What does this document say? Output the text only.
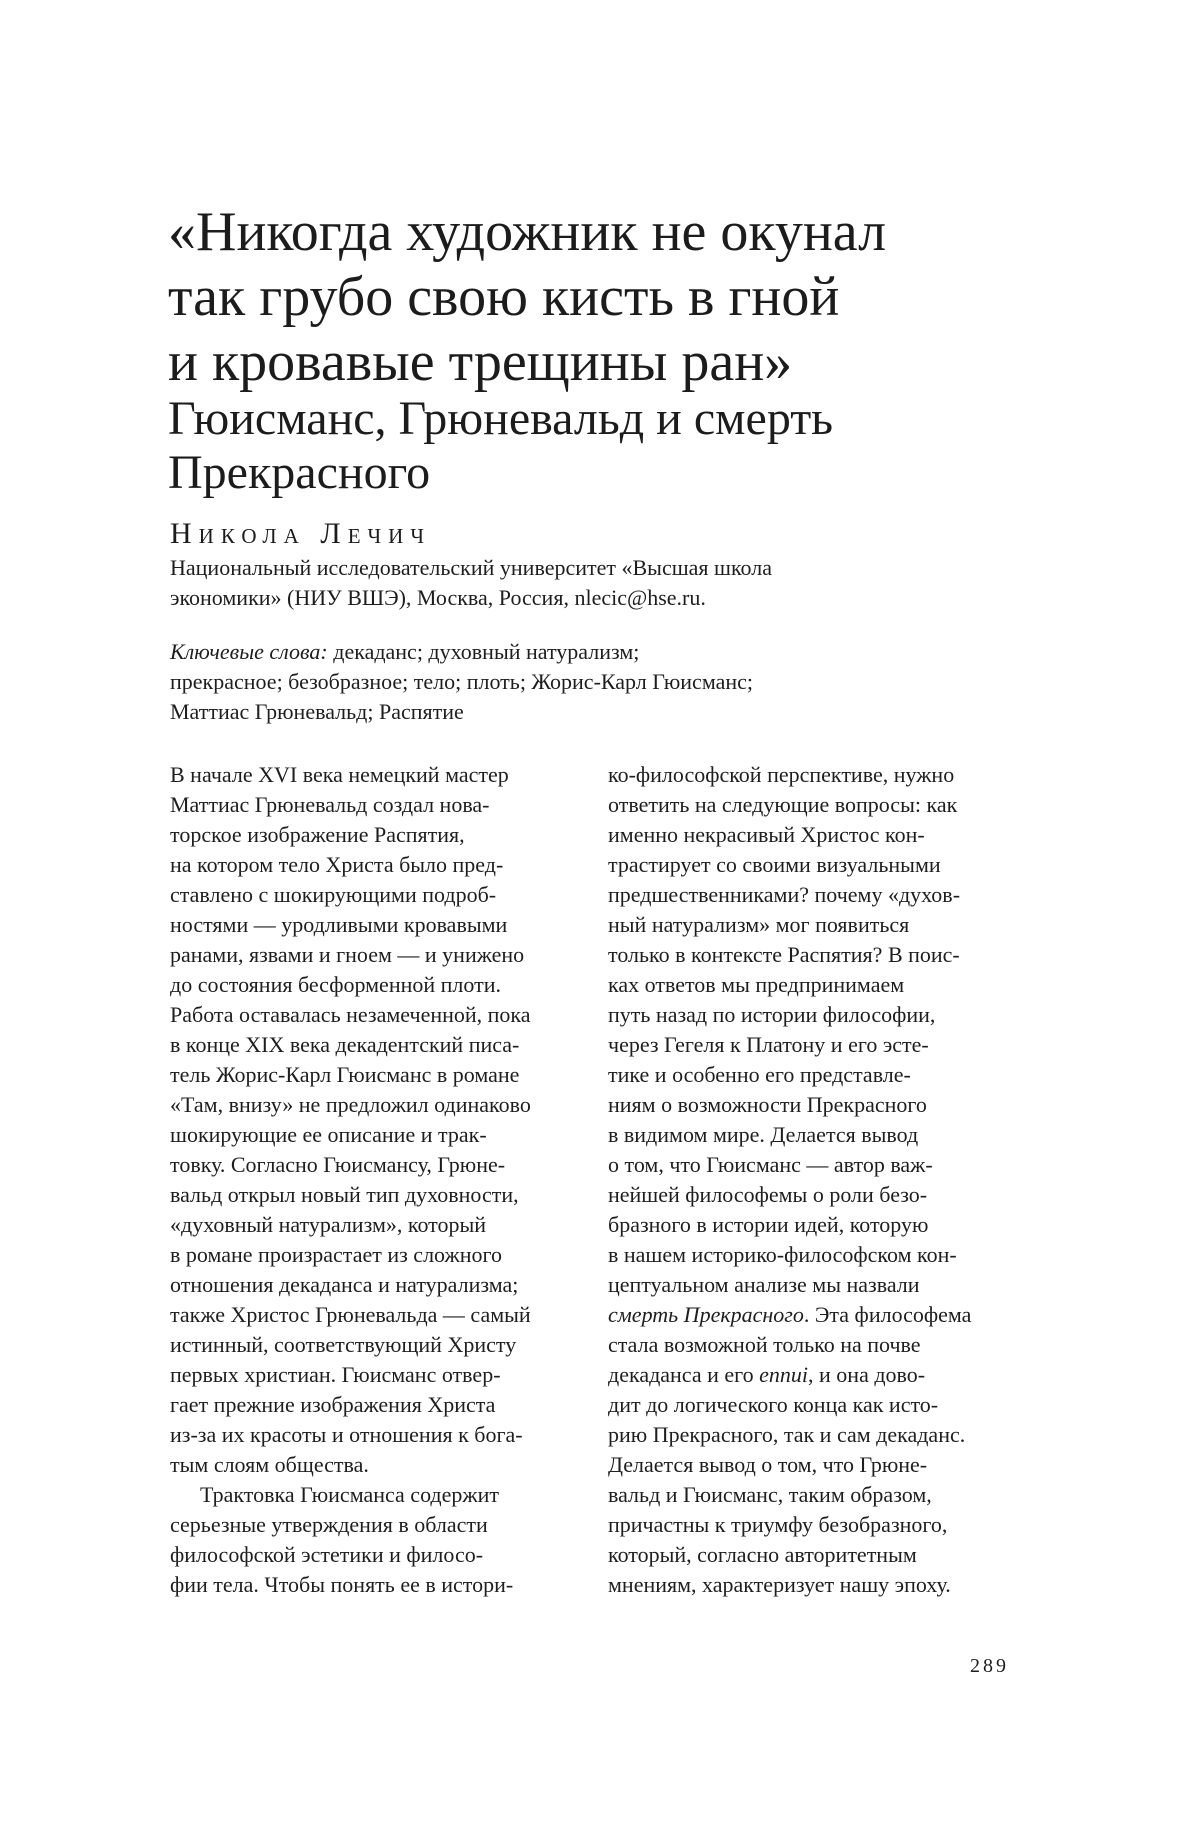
«Никогда художник не окунал
так грубо свою кисть в гной
и кровавые трещины ран»
Гюисманс, Грюневальд и смерть
Прекрасного
Никола Лечич
Национальный исследовательский университет «Высшая школа
экономики» (НИУ ВШЭ), Москва, Россия, nlecic@hse.ru.
Ключевые слова: декаданс; духовный натурализм;
прекрасное; безобразное; тело; плоть; Жорис-Карл Гюисманс;
Маттиас Грюневальд; Распятие
В начале XVI века немецкий мастер
Маттиас Грюневальд создал нова-
торское изображение Распятия,
на котором тело Христа было пред-
ставлено с шокирующими подроб-
ностями — уродливыми кровавыми
ранами, язвами и гноем — и унижено
до состояния бесформенной плоти.
Работа оставалась незамеченной, пока
в конце XIX века декадентский писа-
тель Жорис-Карл Гюисманс в романе
«Там, внизу» не предложил одинаково
шокирующие ее описание и трак-
товку. Согласно Гюисмансу, Грюне-
вальд открыл новый тип духовности,
«духовный натурализм», который
в романе произрастает из сложного
отношения декаданса и натурализма;
также Христос Грюневальда — самый
истинный, соответствующий Христу
первых христиан. Гюисманс отвер-
гает прежние изображения Христа
из-за их красоты и отношения к бога-
тым слоям общества.
Трактовка Гюисманса содержит
серьезные утверждения в области
философской эстетики и филосо-
фии тела. Чтобы понять ее в истори-
ко-философской перспективе, нужно
ответить на следующие вопросы: как
именно некрасивый Христос кон-
трастирует со своими визуальными
предшественниками? почему «духов-
ный натурализм» мог появиться
только в контексте Распятия? В поис-
ках ответов мы предпринимаем
путь назад по истории философии,
через Гегеля к Платону и его эсте-
тике и особенно его представле-
ниям о возможности Прекрасного
в видимом мире. Делается вывод
о том, что Гюисманс — автор важ-
нейшей философемы о роли безо-
бразного в истории идей, которую
в нашем историко-философском кон-
цептуальном анализе мы назвали
смерть Прекрасного. Эта философема
стала возможной только на почве
декаданса и его ennui, и она дово-
дит до логического конца как исто-
рию Прекрасного, так и сам декаданс.
Делается вывод о том, что Грюне-
вальд и Гюисманс, таким образом,
причастны к триумфу безобразного,
который, согласно авторитетным
мнениям, характеризует нашу эпоху.
289
